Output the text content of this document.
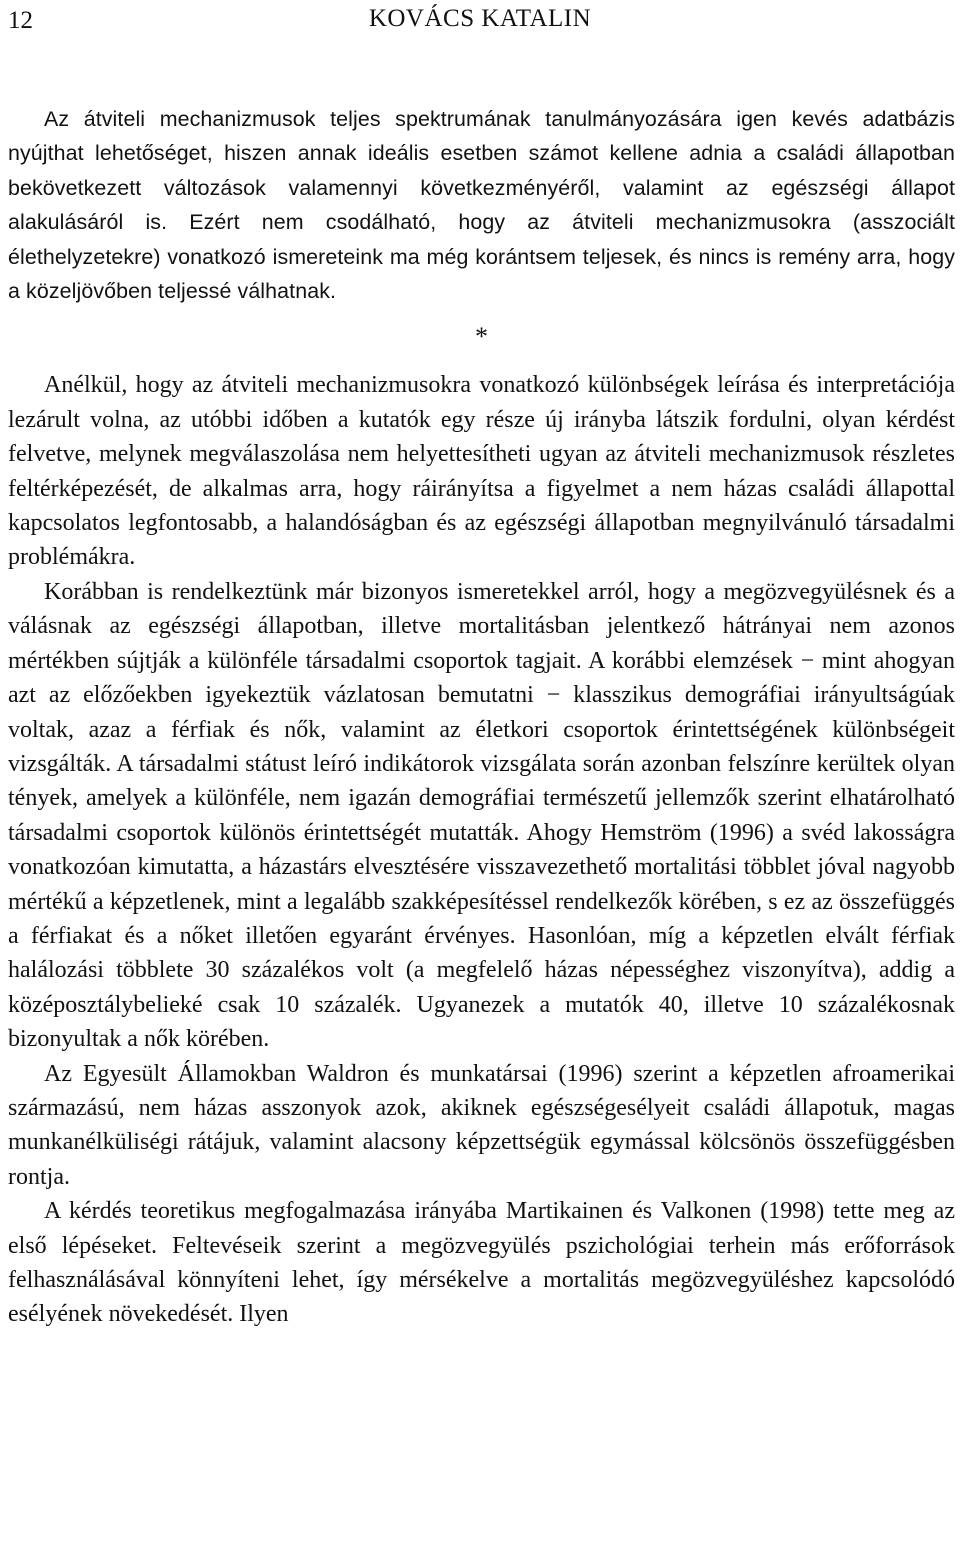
12	KOVÁCS KATALIN

Az átviteli mechanizmusok teljes spektrumának tanulmányozására igen kevés adatbázis nyújthat lehetőséget, hiszen annak ideális esetben számot kellene adnia a családi állapotban bekövetkezett változások valamennyi következményéről, valamint az egészségi állapot alakulásáról is. Ezért nem csodálható, hogy az átviteli mechanizmusokra (asszociált élethelyzetekre) vonatkozó ismereteink ma még korántsem teljesek, és nincs is remény arra, hogy a közeljövőben teljessé válhatnak.

*

Anélkül, hogy az átviteli mechanizmusokra vonatkozó különbségek leírása és interpretációja lezárult volna, az utóbbi időben a kutatók egy része új irányba látszik fordulni, olyan kérdést felvetve, melynek megválaszolása nem helyettesítheti ugyan az átviteli mechanizmusok részletes feltérképezését, de alkalmas arra, hogy ráirányítsa a figyelmet a nem házas családi állapottal kapcsolatos legfontosabb, a halandóságban és az egészségi állapotban megnyilvánuló társadalmi problémákra.

Korábban is rendelkeztünk már bizonyos ismeretekkel arról, hogy a megözvegyülésnek és a válásnak az egészségi állapotban, illetve mortalitásban jelentkező hátrányai nem azonos mértékben sújtják a különféle társadalmi csoportok tagjait. A korábbi elemzések − mint ahogyan azt az előzőekben igyekeztük vázlatosan bemutatni − klasszikus demográfiai irányultságúak voltak, azaz a férfiak és nők, valamint az életkori csoportok érintettségének különbségeit vizsgálták. A társadalmi státust leíró indikátorok vizsgálata során azonban felszínre kerültek olyan tények, amelyek a különféle, nem igazán demográfiai természetű jellemzők szerint elhatárolható társadalmi csoportok különös érintettségét mutatták. Ahogy Hemström (1996) a svéd lakosságra vonatkozóan kimutatta, a házastárs elvesztésére visszavezethető mortalitási többlet jóval nagyobb mértékű a képzetlenek, mint a legalább szakképesítéssel rendelkezők körében, s ez az összefüggés a férfiakat és a nőket illetően egyaránt érvényes. Hasonlóan, míg a képzetlen elvált férfiak halálozási többlete 30 százalékos volt (a megfelelő házas népességhez viszonyítva), addig a középosztálybelieké csak 10 százalék. Ugyanezek a mutatók 40, illetve 10 százalékosnak bizonyultak a nők körében.

Az Egyesült Államokban Waldron és munkatársai (1996) szerint a képzetlen afroamerikai származású, nem házas asszonyok azok, akiknek egészségesélyeit családi állapotuk, magas munkanélküliségi rátájuk, valamint alacsony képzettségük egymással kölcsönös összefüggésben rontja.

A kérdés teoretikus megfogalmazása irányába Martikainen és Valkonen (1998) tette meg az első lépéseket. Feltevéseik szerint a megözvegyülés pszichológiai terhein más erőforrások felhasználásával könnyíteni lehet, így mérsékelve a mortalitás megözvegyüléshez kapcsolódó esélyének növekedését. Ilyen
